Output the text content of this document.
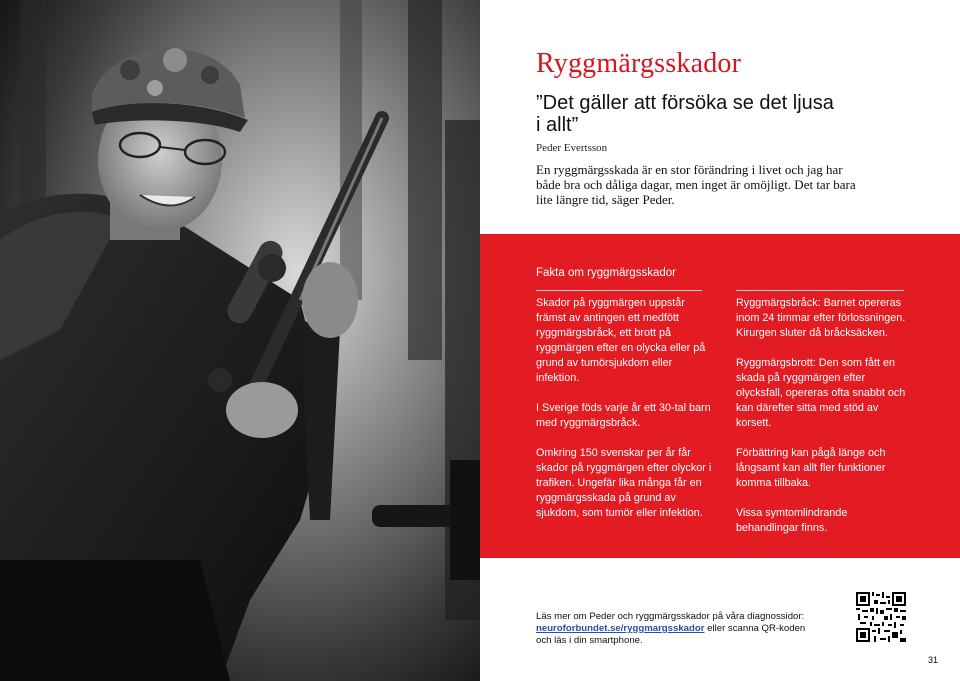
Ryggmärgsskador
”Det gäller att försöka se det ljusa i allt”

Peder Evertsson

En ryggmärgsskada är en stor förändring i livet och jag har både bra och dåliga dagar, men inget är omöjligt. Det tar bara lite längre tid, säger Peder.

Fakta om ryggmärgsskador

Skador på ryggmärgen uppstår främst av antingen ett medfött ryggmärgsbråck, ett brott på ryggmärgen efter en olycka eller på grund av tumörsjukdom eller infektion.

I Sverige föds varje år ett 30-tal barn med ryggmärgsbråck.

Omkring 150 svenskar per år får skador på ryggmärgen efter olyckor i trafiken. Ungefär lika många får en ryggmärgsskada på grund av sjukdom, som tumör eller infektion.

Ryggmärgsbråck: Barnet opereras inom 24 timmar efter förlossningen. Kirurgen sluter då bråcksäcken.

Ryggmärgsbrott: Den som fått en skada på ryggmärgen efter olycksfall, opereras ofta snabbt och kan därefter sitta med stöd av korsett.

Förbättring kan pågå länge och långsamt kan allt fler funktioner komma tillbaka.

Vissa symtomlindrande behandlingar finns.

Läs mer om Peder och ryggmärgsskador på våra diagnossidor:
neuroforbundet.se/ryggmargsskador eller scanna QR-koden och läs i din smartphone.

31
